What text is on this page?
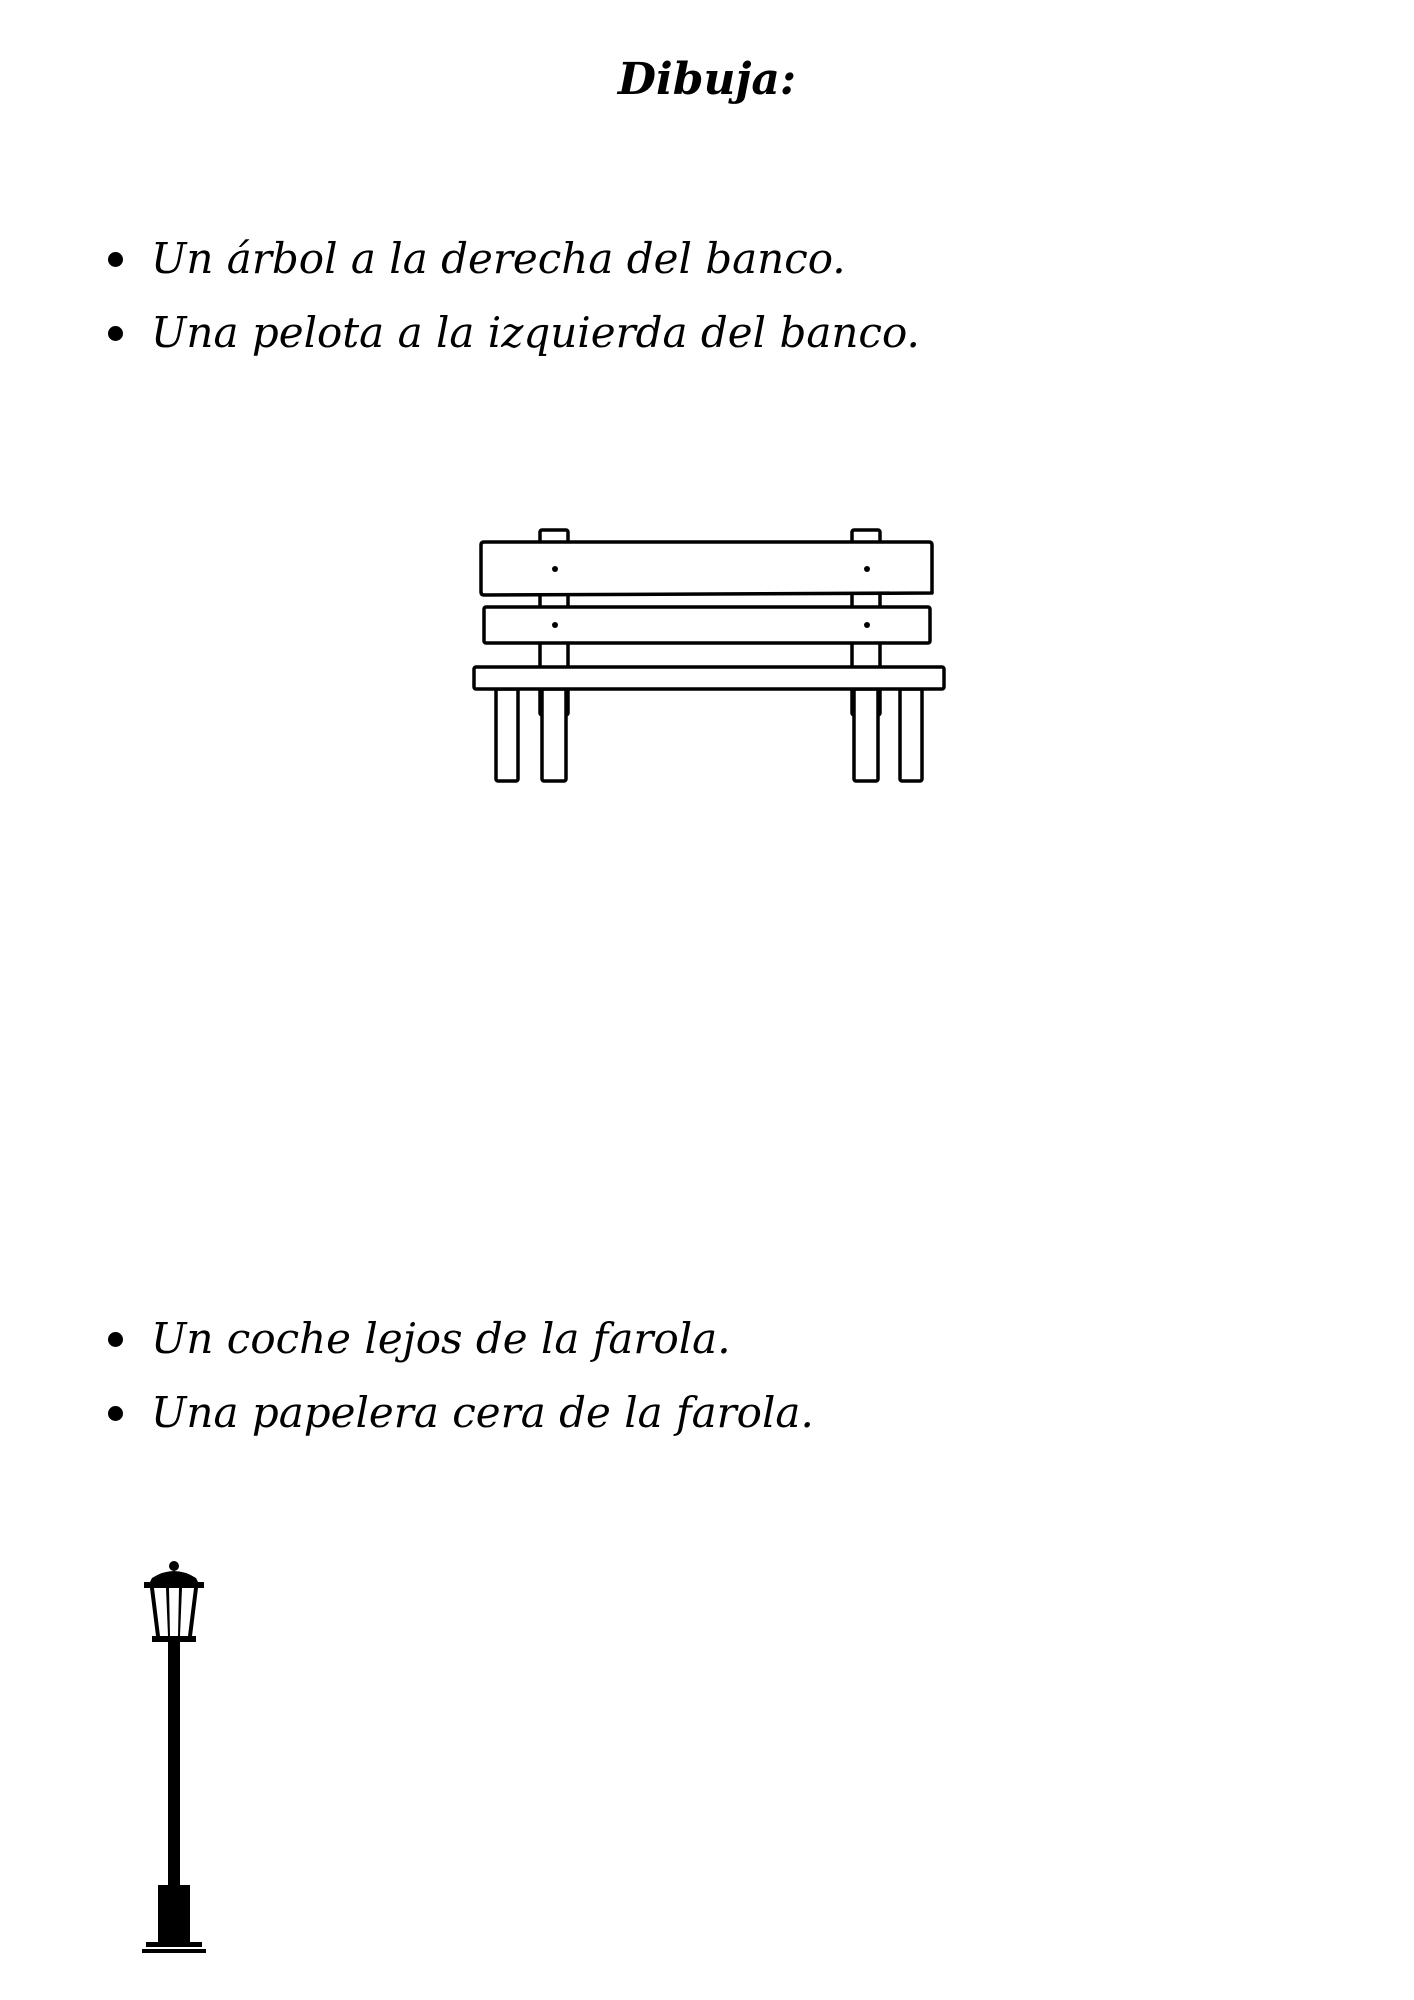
Dibuja:
Un árbol a la derecha del banco.
Una pelota a la izquierda del banco.
Un coche lejos de la farola.
Una papelera cera de la farola.
